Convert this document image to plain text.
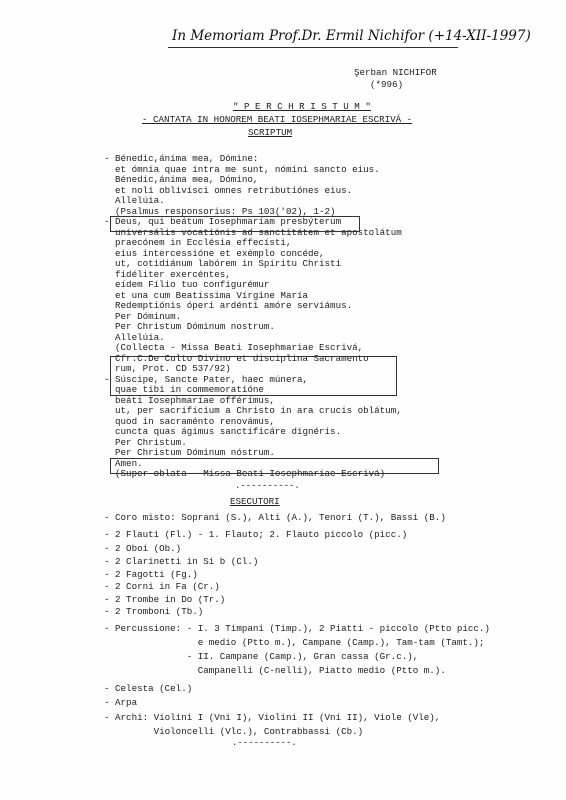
In Memoriam Prof.Dr. Ermil Nichifor (+14-XII-1997)
Şerban NICHIFOR
(*996)
" P E R C H R I S T U M "
- CANTATA IN HONOREM BEATI IOSEPHMARIAE ESCRIVÁ -
SCRIPTUM
- Bénedic,ánima mea, Dómine:
et ómnia quae intra me sunt, nómini sancto eius.
Bénedic,ánima mea, Dómino,
et noli oblivísci omnes retributiónes eius.
Allelúia.
(Psalmus responsorius: Ps 103('02), 1-2)
- Deus, qui beátum Iosephmaríam presbýterum
universális vocatiónis ad sanctitátem et apostolátum
praecónem in Ecclésia effecísti,
eius intercessióne et exémplo concéde,
ut, cotidiánum labórem in Spíritu Christi
fidéliter exercéntes,
eídem Fílio tuo configurémur
et una cum Beatíssima Vírgine María
Redemptiónis óperi ardénti amóre serviámus.
Per Dóminum.
Per Christum Dóminum nostrum.
Allelúia.
(Collecta - Missa Beati Iosephmariae Escrivá,
Cfr.C.De Culto Divino et disciplina Sacramento
rum, Prot. CD 537/92)
- Súscipe, Sancte Pater, haec múnera,
quae tibi in commemoratióne
beáti Iosephmaríae offérimus,
ut, per sacrifícium a Christo in ara crucis oblátum,
quod in sacraménto renovámus,
cuncta quas ágimus sanctificáre dignéris.
Per Christum.
Per Christum Dóminum nóstrum.
Amen.
(Super oblata - Missa Beati Iosephmariae Escrivá)
.----------.
ESECUTORI
- Coro misto: Soprani (S.), Alti (A.), Tenori (T.), Bassi (B.)
- 2 Flauti (Fl.) - 1. Flauto; 2. Flauto piccolo (picc.)
- 2 Oboi (Ob.)
- 2 Clarinetti in Si b (Cl.)
- 2 Fagotti (Fg.)
- 2 Corni in Fa (Cr.)
- 2 Trombe in Do (Tr.)
- 2 Tromboni (Tb.)
- Percussione: - I. 3 Timpani (Timp.), 2 Piatti - piccolo (Ptto picc.)
e medio (Ptto m.), Campane (Camp.), Tam-tam (Tamt.);
- II. Campane (Camp.), Gran cassa (Gr.c.),
Campanelli (C-nelli), Piatto medio (Ptto m.).
- Celesta (Cel.)
- Arpa
- Archi: Violini I (Vni I), Violini II (Vni II), Viole (Vle),
Violoncelli (Vlc.), Contrabbassi (Cb.)
.----------.
